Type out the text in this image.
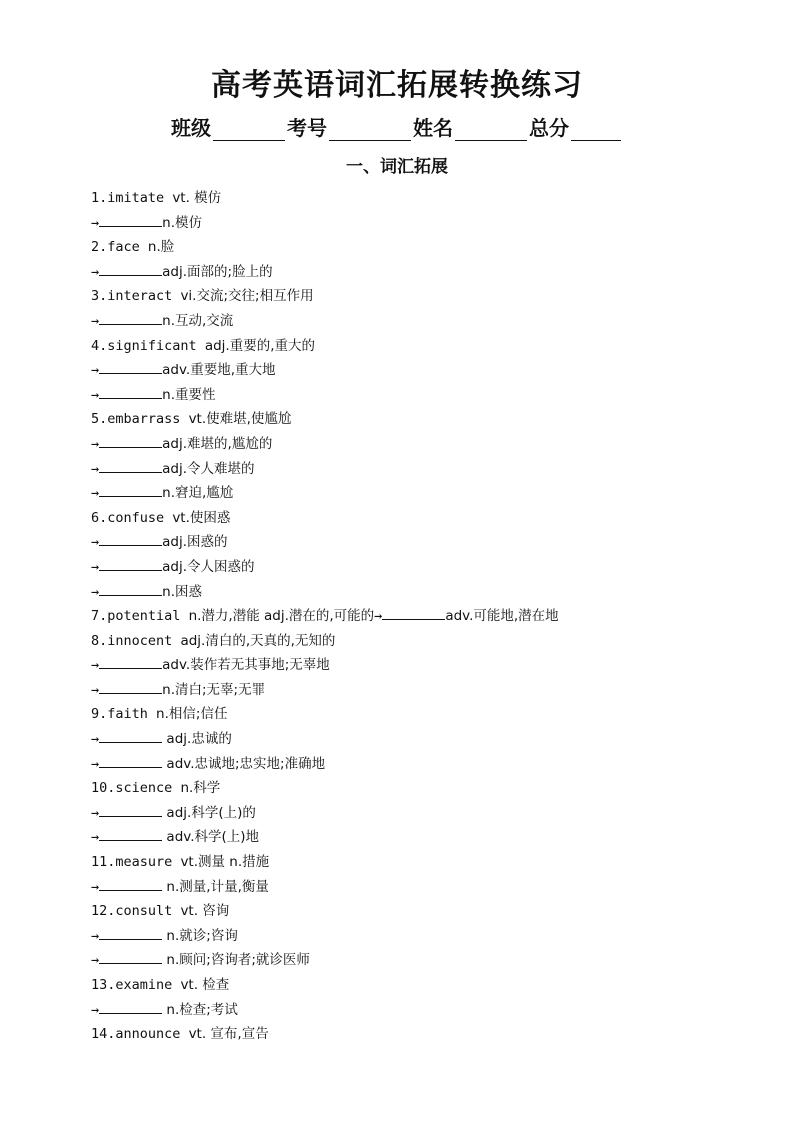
高考英语词汇拓展转换练习
班级	考号	姓名	总分
一、词汇拓展
1.imitate vt. 模仿
→	n.模仿
2.face n.脸
→	adj.面部的;脸上的
3.interact vi.交流;交往;相互作用
→	n.互动,交流
4.significant adj.重要的,重大的
→	adv.重要地,重大地
→	n.重要性
5.embarrass vt.使难堪,使尴尬
→	adj.难堪的,尴尬的
→	adj.令人难堪的
→	n.窘迫,尴尬
6.confuse vt.使困惑
→	adj.困惑的
→	adj.令人困惑的
→	n.困惑
7.potential n.潜力,潜能 adj.潜在的,可能的→	adv.可能地,潜在地
8.innocent adj.清白的,天真的,无知的
→	adv.装作若无其事地;无辜地
→	n.清白;无辜;无罪
9.faith n.相信;信任
→	adj.忠诚的
→	adv.忠诚地;忠实地;准确地
10.science n.科学
→	adj.科学(上)的
→	adv.科学(上)地
11.measure vt.测量 n.措施
→	n.测量,计量,衡量
12.consult vt. 咨询
→	n.就诊;咨询
→	n.顾问;咨询者;就诊医师
13.examine vt. 检查
→	n.检查;考试
14.announce vt. 宣布,宣告
